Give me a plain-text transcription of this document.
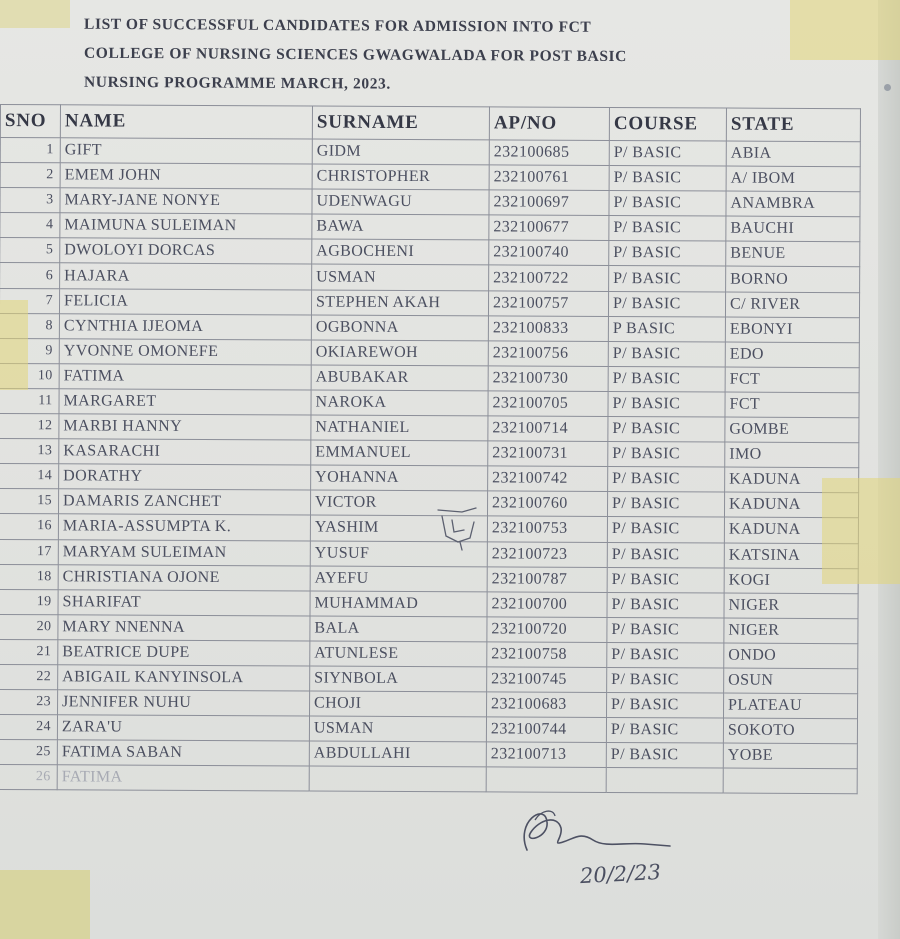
LIST OF SUCCESSFUL CANDIDATES FOR ADMISSION INTO FCT
COLLEGE OF NURSING SCIENCES GWAGWALADA FOR POST BASIC
NURSING PROGRAMME MARCH, 2023.
SNO	NAME	SURNAME	AP/NO	COURSE	STATE
1	GIFT	GIDM	232100685	P/ BASIC	ABIA
2	EMEM JOHN	CHRISTOPHER	232100761	P/ BASIC	A/ IBOM
3	MARY-JANE NONYE	UDENWAGU	232100697	P/ BASIC	ANAMBRA
4	MAIMUNA SULEIMAN	BAWA	232100677	P/ BASIC	BAUCHI
5	DWOLOYI DORCAS	AGBOCHENI	232100740	P/ BASIC	BENUE
6	HAJARA	USMAN	232100722	P/ BASIC	BORNO
7	FELICIA	STEPHEN AKAH	232100757	P/ BASIC	C/ RIVER
8	CYNTHIA IJEOMA	OGBONNA	232100833	P BASIC	EBONYI
9	YVONNE OMONEFE	OKIAREWOH	232100756	P/ BASIC	EDO
10	FATIMA	ABUBAKAR	232100730	P/ BASIC	FCT
11	MARGARET	NAROKA	232100705	P/ BASIC	FCT
12	MARBI HANNY	NATHANIEL	232100714	P/ BASIC	GOMBE
13	KASARACHI	EMMANUEL	232100731	P/ BASIC	IMO
14	DORATHY	YOHANNA	232100742	P/ BASIC	KADUNA
15	DAMARIS ZANCHET	VICTOR	232100760	P/ BASIC	KADUNA
16	MARIA-ASSUMPTA K.	YASHIM	232100753	P/ BASIC	KADUNA
17	MARYAM SULEIMAN	YUSUF	232100723	P/ BASIC	KATSINA
18	CHRISTIANA OJONE	AYEFU	232100787	P/ BASIC	KOGI
19	SHARIFAT	MUHAMMAD	232100700	P/ BASIC	NIGER
20	MARY NNENNA	BALA	232100720	P/ BASIC	NIGER
21	BEATRICE DUPE	ATUNLESE	232100758	P/ BASIC	ONDO
22	ABIGAIL KANYINSOLA	SIYNBOLA	232100745	P/ BASIC	OSUN
23	JENNIFER NUHU	CHOJI	232100683	P/ BASIC	PLATEAU
24	ZARA'U	USMAN	232100744	P/ BASIC	SOKOTO
25	FATIMA SABAN	ABDULLAHI	232100713	P/ BASIC	YOBE
26	FATIMA				
20/2/23
